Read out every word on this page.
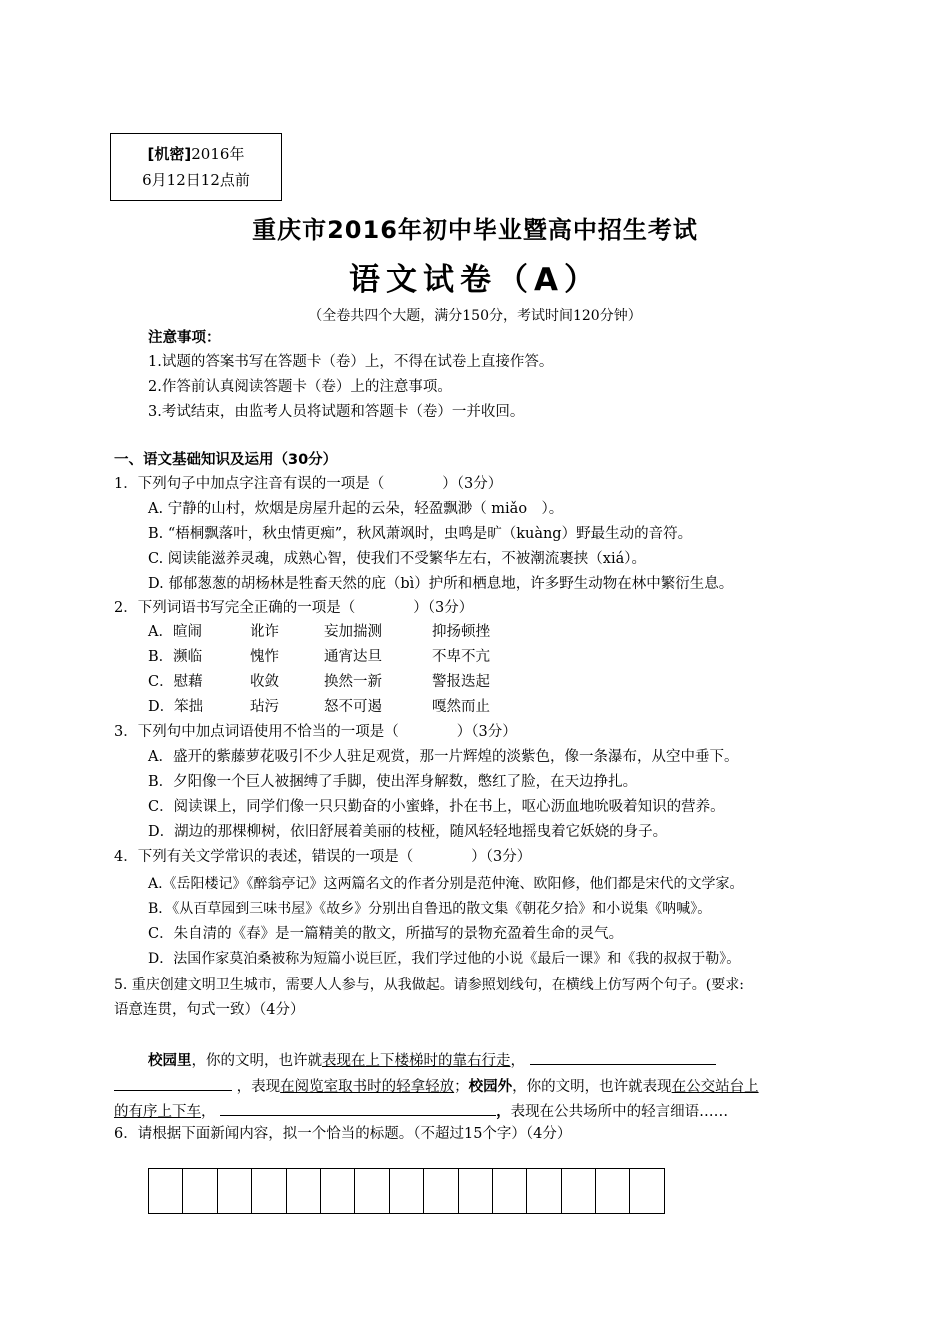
[机密]2016年
6月12日12点前
重庆市2016年初中毕业暨高中招生考试
语文试卷（A）
（全卷共四个大题，满分150分，考试时间120分钟）
注意事项：
1.试题的答案书写在答题卡（卷）上，不得在试卷上直接作答。
2.作答前认真阅读答题卡（卷）上的注意事项。
3.考试结束，由监考人员将试题和答题卡（卷）一并收回。
一、语文基础知识及运用（30分）
1．下列句子中加点字注音有误的一项是（　　　　）（3分）
A. 宁静的山村，炊烟是房屋升起的云朵，轻盈飘渺（ miǎo　）。
B. “梧桐飘落叶，秋虫情更痴”，秋风萧飒时，虫鸣是旷（kuàng）野最生动的音符。
C. 阅读能滋养灵魂，成熟心智，使我们不受繁华左右，不被潮流裹挟（xiá）。
D. 郁郁葱葱的胡杨林是牲畜天然的庇（bì）护所和栖息地，许多野生动物在林中繁衍生息。
2．下列词语书写完全正确的一项是（　　　　）（3分）
A．暄闹	讹诈	妄加揣测	抑扬顿挫
B．濒临	愧怍	通宵达旦	不卑不亢
C．慰藉	收敛	换然一新	警报迭起
D．笨拙	玷污	怒不可遏	嘎然而止
3．下列句中加点词语使用不恰当的一项是（　　　　）（3分）
A．盛开的紫藤萝花吸引不少人驻足观赏，那一片辉煌的淡紫色，像一条瀑布，从空中垂下。
B．夕阳像一个巨人被捆缚了手脚，使出浑身解数，憋红了脸，在天边挣扎。
C．阅读课上，同学们像一只只勤奋的小蜜蜂，扑在书上，呕心沥血地吮吸着知识的营养。
D．湖边的那棵柳树，依旧舒展着美丽的枝桠，随风轻轻地摇曳着它妖娆的身子。
4．下列有关文学常识的表述，错误的一项是（　　　　）（3分）
A.《岳阳楼记》《醉翁亭记》这两篇名文的作者分别是范仲淹、欧阳修，他们都是宋代的文学家。
B．《从百草园到三味书屋》《故乡》分别出自鲁迅的散文集《朝花夕拾》和小说集《呐喊》。
C．朱自清的《春》是一篇精美的散文，所描写的景物充盈着生命的灵气。
D．法国作家莫泊桑被称为短篇小说巨匠，我们学过他的小说《最后一课》和《我的叔叔于勒》。
5. 重庆创建文明卫生城市，需要人人参与，从我做起。请参照划线句，在横线上仿写两个句子。(要求:
语意连贯，句式一致）（4分）
校园里，你的文明，也许就表现在上下楼梯时的靠右行走，
，表现在阅览室取书时的轻拿轻放；校园外，你的文明，也许就表现在公交站台上
的有序上下车，	，表现在公共场所中的轻言细语……
6．请根据下面新闻内容，拟一个恰当的标题。（不超过15个字）（4分）
